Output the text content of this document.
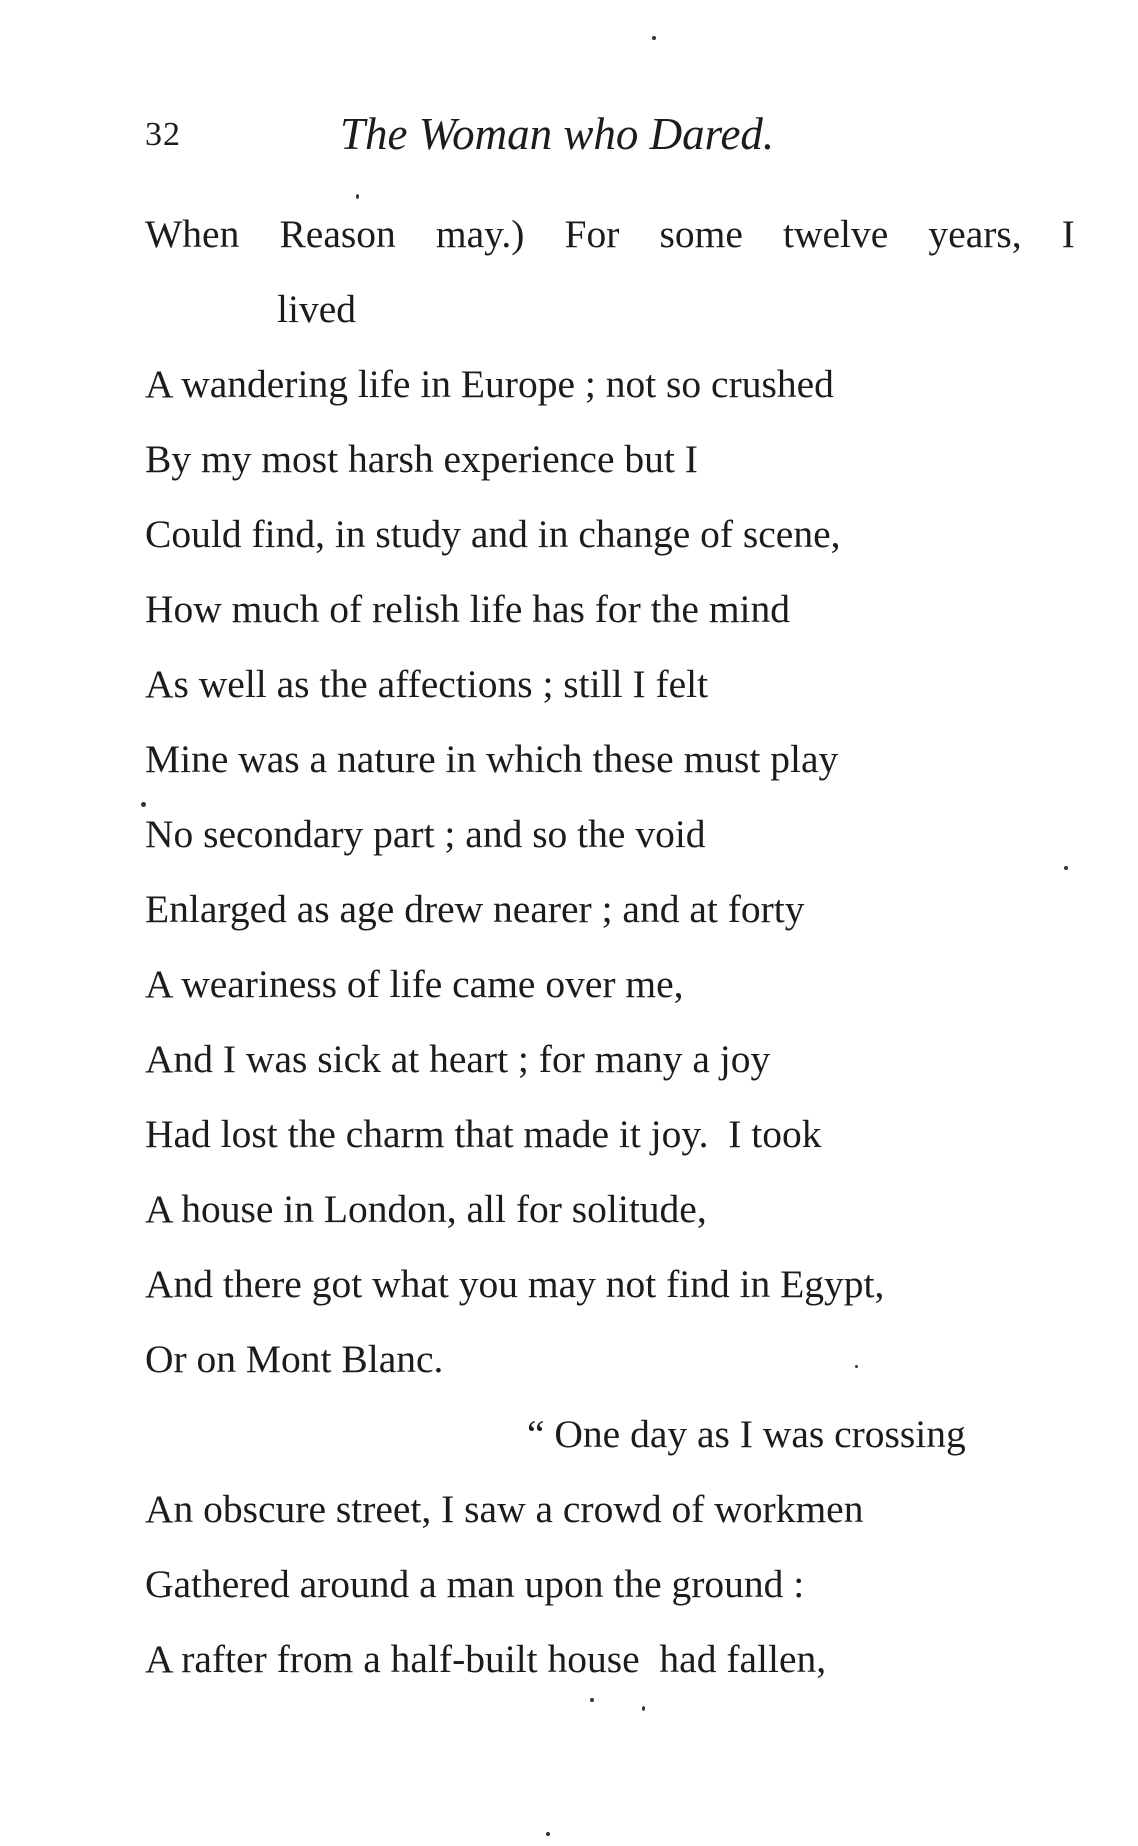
32	The Woman who Dared.
When Reason may.) For some twelve years, I
lived
A wandering life in Europe ; not so crushed
By my most harsh experience but I
Could find, in study and in change of scene,
How much of relish life has for the mind
As well as the affections ; still I felt
Mine was a nature in which these must play
No secondary part ; and so the void
Enlarged as age drew nearer ; and at forty
A weariness of life came over me,
And I was sick at heart ; for many a joy
Had lost the charm that made it joy.  I took
A house in London, all for solitude,
And there got what you may not find in Egypt,
Or on Mont Blanc.
“ One day as I was crossing
An obscure street, I saw a crowd of workmen
Gathered around a man upon the ground :
A rafter from a half-built house  had fallen,
